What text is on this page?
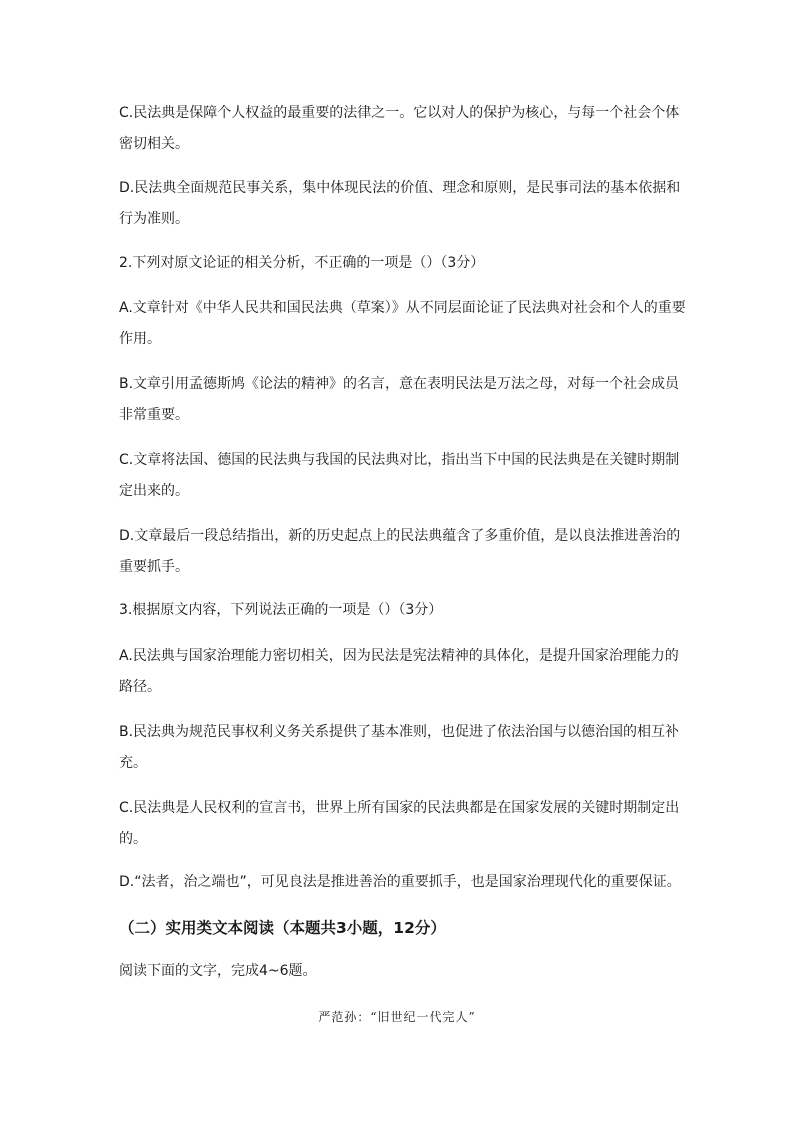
C.民法典是保障个人权益的最重要的法律之一。它以对人的保护为核心，与每一个社会个体密切相关。

D.民法典全面规范民事关系，集中体现民法的价值、理念和原则，是民事司法的基本依据和行为准则。

2.下列对原文论证的相关分析，不正确的一项是（）（3分）

A.文章针对《中华人民共和国民法典（草案）》从不同层面论证了民法典对社会和个人的重要作用。

B.文章引用孟德斯鸠《论法的精神》的名言，意在表明民法是万法之母，对每一个社会成员非常重要。

C.文章将法国、德国的民法典与我国的民法典对比，指出当下中国的民法典是在关键时期制定出来的。

D.文章最后一段总结指出，新的历史起点上的民法典蕴含了多重价值，是以良法推进善治的重要抓手。

3.根据原文内容，下列说法正确的一项是（）（3分）

A.民法典与国家治理能力密切相关，因为民法是宪法精神的具体化，是提升国家治理能力的路径。

B.民法典为规范民事权利义务关系提供了基本准则，也促进了依法治国与以德治国的相互补充。

C.民法典是人民权利的宣言书，世界上所有国家的民法典都是在国家发展的关键时期制定出的。

D.“法者，治之端也”，可见良法是推进善治的重要抓手，也是国家治理现代化的重要保证。

（二）实用类文本阅读（本题共3小题，12分）

阅读下面的文字，完成4~6题。

严范孙：“旧世纪一代完人”
